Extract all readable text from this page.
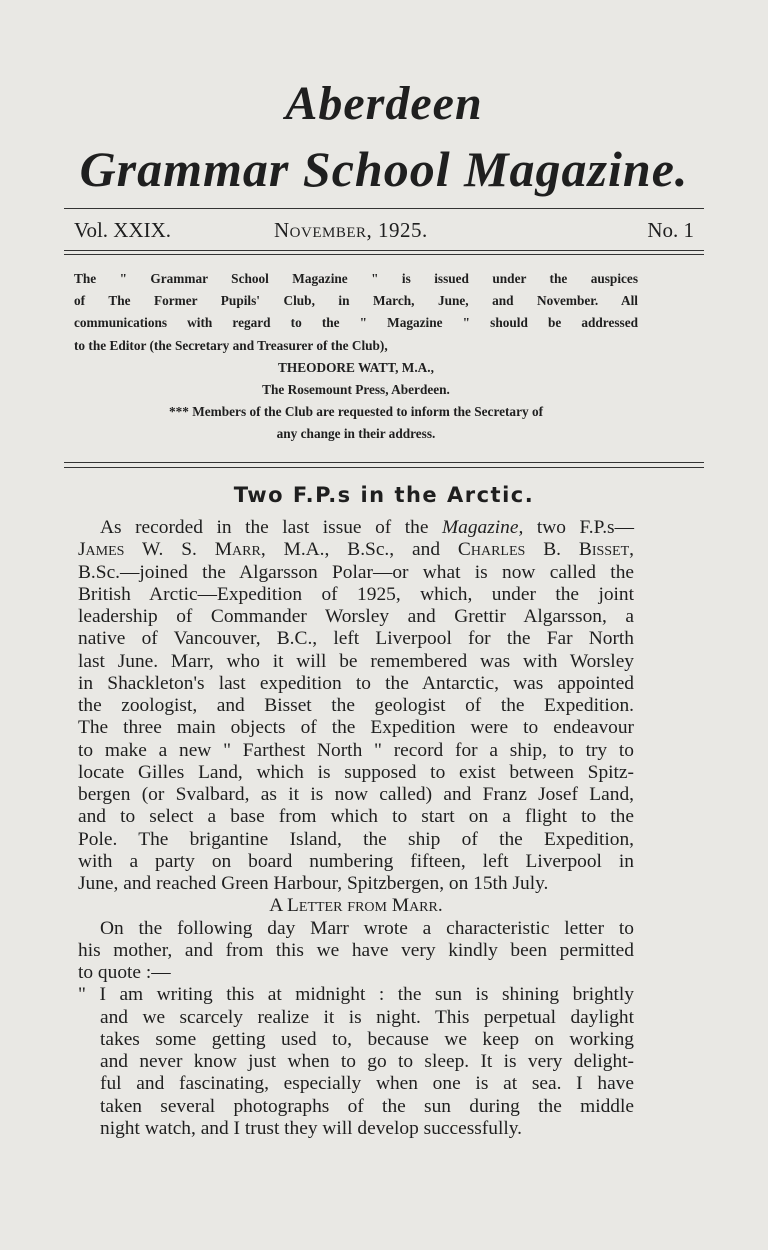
Aberdeen
Grammar School Magazine.
Vol. XXIX.	November, 1925.	No. 1
The " Grammar School Magazine " is issued under the auspices
of The Former Pupils' Club, in March, June, and November. All
communications with regard to the " Magazine " should be addressed
to the Editor (the Secretary and Treasurer of the Club),
THEODORE WATT, M.A.,
The Rosemount Press, Aberdeen.
*** Members of the Club are requested to inform the Secretary of
any change in their address.
Two F.P.s in the Arctic.
As recorded in the last issue of the Magazine, two F.P.s—
James W. S. Marr, M.A., B.Sc., and Charles B. Bisset,
B.Sc.—joined the Algarsson Polar—or what is now called the
British Arctic—Expedition of 1925, which, under the joint
leadership of Commander Worsley and Grettir Algarsson, a
native of Vancouver, B.C., left Liverpool for the Far North
last June. Marr, who it will be remembered was with Worsley
in Shackleton's last expedition to the Antarctic, was appointed
the zoologist, and Bisset the geologist of the Expedition.
The three main objects of the Expedition were to endeavour
to make a new " Farthest North " record for a ship, to try to
locate Gilles Land, which is supposed to exist between Spitz-
bergen (or Svalbard, as it is now called) and Franz Josef Land,
and to select a base from which to start on a flight to the
Pole. The brigantine Island, the ship of the Expedition,
with a party on board numbering fifteen, left Liverpool in
June, and reached Green Harbour, Spitzbergen, on 15th July.
A Letter from Marr.
On the following day Marr wrote a characteristic letter to
his mother, and from this we have very kindly been permitted
to quote :—
" I am writing this at midnight : the sun is shining brightly
and we scarcely realize it is night. This perpetual daylight
takes some getting used to, because we keep on working
and never know just when to go to sleep. It is very delight-
ful and fascinating, especially when one is at sea. I have
taken several photographs of the sun during the middle
night watch, and I trust they will develop successfully.
